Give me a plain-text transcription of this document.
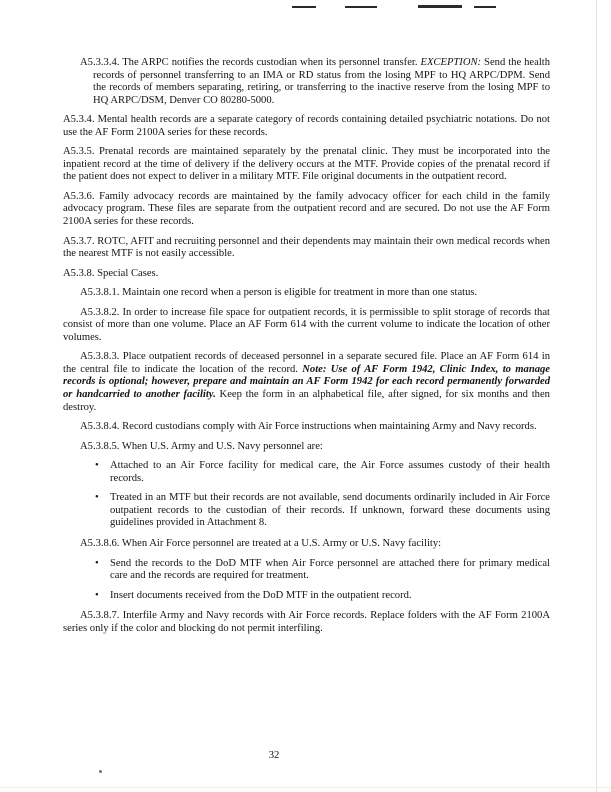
A5.3.3.4. The ARPC notifies the records custodian when its personnel transfer. EXCEPTION: Send the health records of personnel transferring to an IMA or RD status from the losing MPF to HQ ARPC/DPM. Send the records of members separating, retiring, or transferring to the inactive reserve from the losing MPF to HQ ARPC/DSM, Denver CO 80280-5000.

A5.3.4. Mental health records are a separate category of records containing detailed psychiatric notations. Do not use the AF Form 2100A series for these records.

A5.3.5. Prenatal records are maintained separately by the prenatal clinic. They must be incorporated into the inpatient record at the time of delivery if the delivery occurs at the MTF. Provide copies of the prenatal record if the patient does not expect to deliver in a military MTF. File original documents in the outpatient record.

A5.3.6. Family advocacy records are maintained by the family advocacy officer for each child in the family advocacy program. These files are separate from the outpatient record and are secured. Do not use the AF Form 2100A series for these records.

A5.3.7. ROTC, AFIT and recruiting personnel and their dependents may maintain their own medical records when the nearest MTF is not easily accessible.

A5.3.8. Special Cases.

A5.3.8.1. Maintain one record when a person is eligible for treatment in more than one status.

A5.3.8.2. In order to increase file space for outpatient records, it is permissible to split storage of records that consist of more than one volume. Place an AF Form 614 with the current volume to indicate the location of other volumes.

A5.3.8.3. Place outpatient records of deceased personnel in a separate secured file. Place an AF Form 614 in the central file to indicate the location of the record. Note: Use of AF Form 1942, Clinic Index, to manage records is optional; however, prepare and maintain an AF Form 1942 for each record permanently forwarded or handcarried to another facility. Keep the form in an alphabetical file, after signed, for six months and then destroy.

A5.3.8.4. Record custodians comply with Air Force instructions when maintaining Army and Navy records.

A5.3.8.5. When U.S. Army and U.S. Navy personnel are:

• Attached to an Air Force facility for medical care, the Air Force assumes custody of their health records.
• Treated in an MTF but their records are not available, send documents ordinarily included in Air Force outpatient records to the custodian of their records. If unknown, forward these documents using guidelines provided in Attachment 8.

A5.3.8.6. When Air Force personnel are treated at a U.S. Army or U.S. Navy facility:

• Send the records to the DoD MTF when Air Force personnel are attached there for primary medical care and the records are required for treatment.
• Insert documents received from the DoD MTF in the outpatient record.

A5.3.8.7. Interfile Army and Navy records with Air Force records. Replace folders with the AF Form 2100A series only if the color and blocking do not permit interfiling.

32
